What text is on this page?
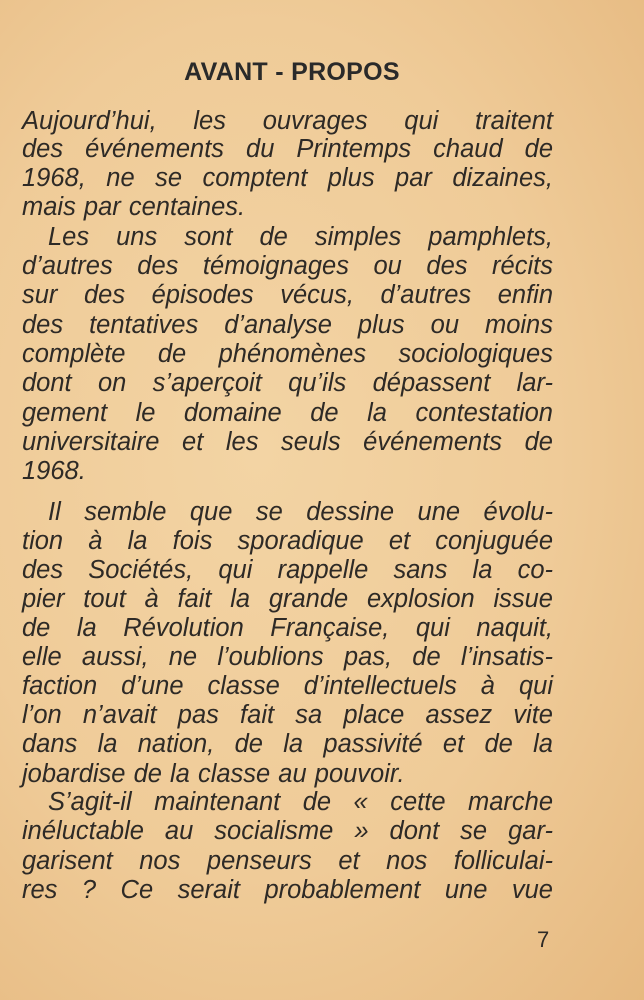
AVANT - PROPOS
Aujourd’hui, les ouvrages qui traitent
des événements du Printemps chaud de
1968, ne se comptent plus par dizaines,
mais par centaines.
Les uns sont de simples pamphlets,
d’autres des témoignages ou des récits
sur des épisodes vécus, d’autres enfin
des tentatives d’analyse plus ou moins
complète de phénomènes sociologiques
dont on s’aperçoit qu’ils dépassent lar-
gement le domaine de la contestation
universitaire et les seuls événements de
1968.
Il semble que se dessine une évolu-
tion à la fois sporadique et conjuguée
des Sociétés, qui rappelle sans la co-
pier tout à fait la grande explosion issue
de la Révolution Française, qui naquit,
elle aussi, ne l’oublions pas, de l’insatis-
faction d’une classe d’intellectuels à qui
l’on n’avait pas fait sa place assez vite
dans la nation, de la passivité et de la
jobardise de la classe au pouvoir.
S’agit-il maintenant de « cette marche
inéluctable au socialisme » dont se gar-
garisent nos penseurs et nos folliculai-
res ? Ce serait probablement une vue
7
